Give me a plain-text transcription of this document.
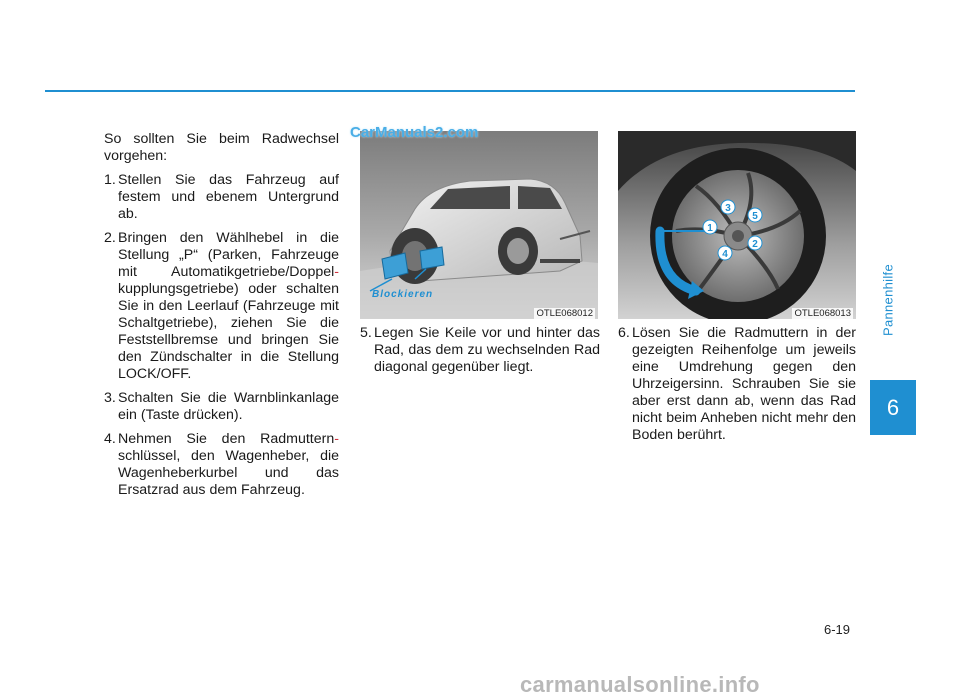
So sollten Sie beim Radwechsel vorgehen:

1. Stellen Sie das Fahrzeug auf festem und ebenem Untergrund ab.
2. Bringen den Wählhebel in die Stellung „P“ (Parken, Fahrzeuge mit Automatikgetriebe/Doppel- kupplungsgetriebe) oder schalten Sie in den Leerlauf (Fahrzeuge mit Schaltgetriebe), ziehen Sie die Feststellbremse und bringen Sie den Zündschalter in die Stellung LOCK/OFF.
3. Schalten Sie die Warnblinkanlage ein (Taste drücken).
4. Nehmen Sie den Radmuttern- schlüssel, den Wagenheber, die Wagenheberkurbel und das Ersatzrad aus dem Fahrzeug.
Blockieren
OTLE068012
1
2
3
4
5
OTLE068013
5. Legen Sie Keile vor und hinter das Rad, das dem zu wechselnden Rad diagonal gegenüber liegt.
6. Lösen Sie die Radmuttern in der gezeigten Reihenfolge um jeweils eine Umdrehung gegen den Uhrzeigersinn. Schrauben Sie sie aber erst dann ab, wenn das Rad nicht beim Anheben nicht mehr den Boden berührt.
Pannenhilfe
6
6-19
CarManuals2.com
carmanualsonline.info
